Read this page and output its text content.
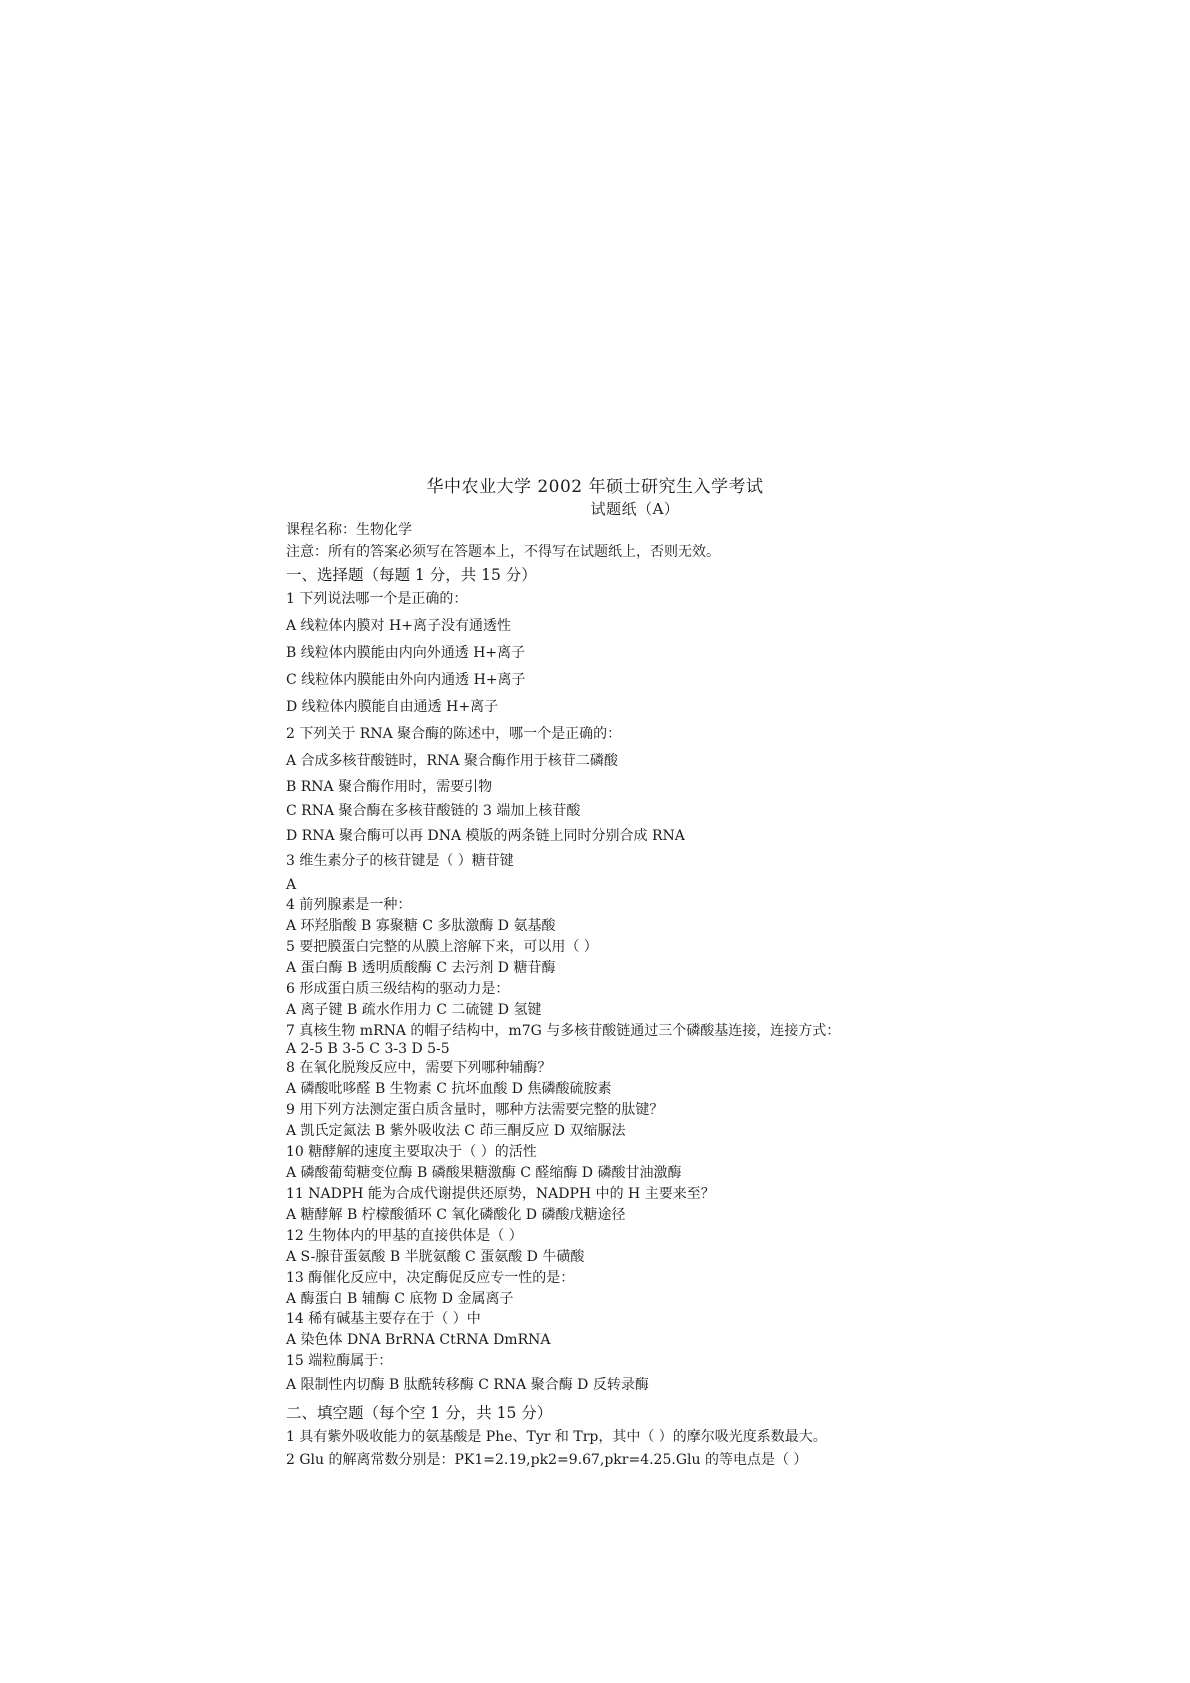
华中农业大学 2002 年硕士研究生入学考试
试题纸（A）
课程名称：生物化学
注意：所有的答案必须写在答题本上，不得写在试题纸上，否则无效。
一、选择题（每题 1 分，共 15 分）
1 下列说法哪一个是正确的：
A 线粒体内膜对 H+离子没有通透性
B 线粒体内膜能由内向外通透 H+离子
C 线粒体内膜能由外向内通透 H+离子
D 线粒体内膜能自由通透 H+离子
2 下列关于 RNA 聚合酶的陈述中，哪一个是正确的：
A 合成多核苷酸链时，RNA 聚合酶作用于核苷二磷酸
B RNA 聚合酶作用时，需要引物
C RNA 聚合酶在多核苷酸链的 3 端加上核苷酸
D RNA 聚合酶可以再 DNA 模版的两条链上同时分别合成 RNA
3 维生素分子的核苷键是（ ）糖苷键
A
4 前列腺素是一种：
A 环羟脂酸 B 寡聚糖 C 多肽激酶 D 氨基酸
5 要把膜蛋白完整的从膜上溶解下来，可以用（ ）
A 蛋白酶 B 透明质酸酶 C 去污剂 D 糖苷酶
6 形成蛋白质三级结构的驱动力是：
A 离子键 B 疏水作用力 C 二硫键 D 氢键
7 真核生物 mRNA 的帽子结构中，m7G 与多核苷酸链通过三个磷酸基连接，连接方式：
A 2-5 B 3-5 C 3-3 D 5-5
8 在氧化脱羧反应中，需要下列哪种辅酶？
A 磷酸吡哆醛 B 生物素 C 抗坏血酸 D 焦磷酸硫胺素
9 用下列方法测定蛋白质含量时，哪种方法需要完整的肽键？
A 凯氏定氮法 B 紫外吸收法 C 茚三酮反应 D 双缩脲法
10 糖酵解的速度主要取决于（ ）的活性
A 磷酸葡萄糖变位酶 B 磷酸果糖激酶 C 醛缩酶 D 磷酸甘油激酶
11 NADPH 能为合成代谢提供还原势，NADPH 中的 H 主要来至？
A 糖酵解 B 柠檬酸循环 C 氧化磷酸化 D 磷酸戊糖途径
12 生物体内的甲基的直接供体是（ ）
A S-腺苷蛋氨酸 B 半胱氨酸 C 蛋氨酸 D 牛磺酸
13 酶催化反应中，决定酶促反应专一性的是：
A 酶蛋白 B 辅酶 C 底物 D 金属离子
14 稀有碱基主要存在于（ ）中
A 染色体 DNA BrRNA CtRNA DmRNA
15 端粒酶属于：
A 限制性内切酶 B 肽酰转移酶 C RNA 聚合酶 D 反转录酶
二、填空题（每个空 1 分，共 15 分）
1 具有紫外吸收能力的氨基酸是 Phe、Tyr 和 Trp，其中（ ）的摩尔吸光度系数最大。
2 Glu 的解离常数分别是：PK1=2.19,pk2=9.67,pkr=4.25.Glu 的等电点是（ ）
